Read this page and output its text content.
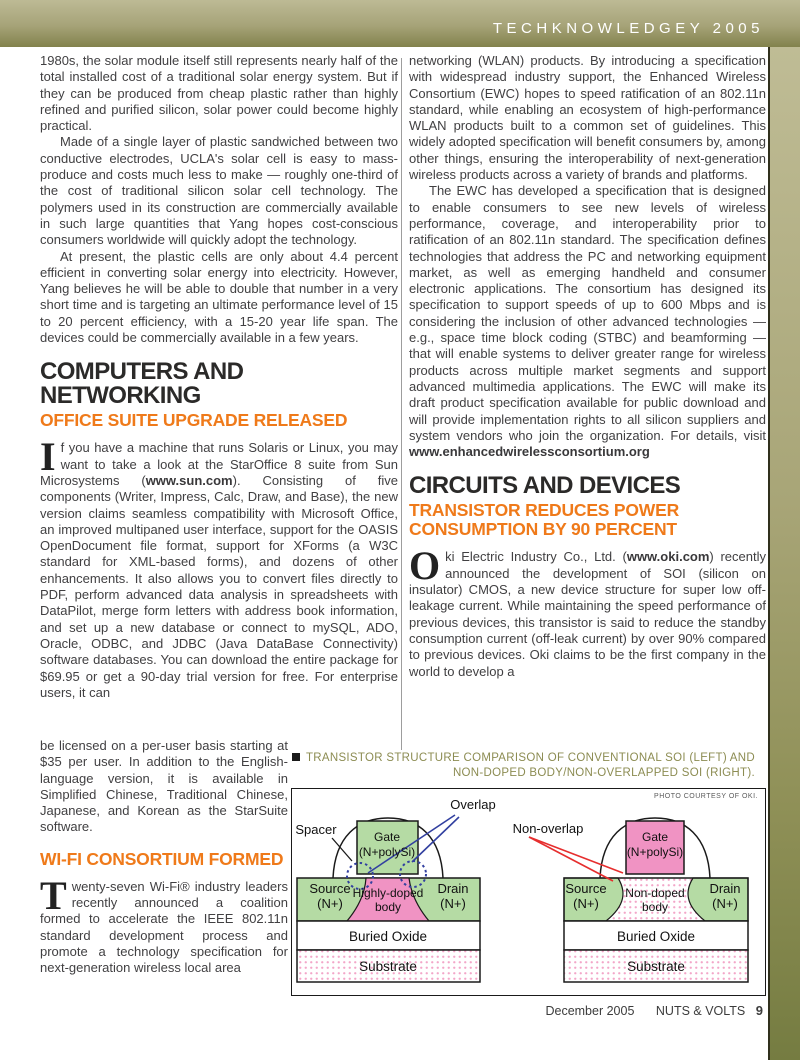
TECHKNOWLEDGEY 2005

1980s, the solar module itself still represents nearly half of the total installed cost of a traditional solar energy system. But if they can be produced from cheap plastic rather than highly refined and purified silicon, solar power could become highly practical.

Made of a single layer of plastic sandwiched between two conductive electrodes, UCLA's solar cell is easy to mass-produce and costs much less to make — roughly one-third of the cost of traditional silicon solar cell technology. The polymers used in its construction are commercially available in such large quantities that Yang hopes cost-conscious consumers worldwide will quickly adopt the technology.

At present, the plastic cells are only about 4.4 percent efficient in converting solar energy into electricity. However, Yang believes he will be able to double that number in a very short time and is targeting an ultimate performance level of 15 to 20 percent efficiency, with a 15-20 year life span. The devices could be commercially available in a few years.

COMPUTERS AND NETWORKING
OFFICE SUITE UPGRADE RELEASED

If you have a machine that runs Solaris or Linux, you may want to take a look at the StarOffice 8 suite from Sun Microsystems (www.sun.com). Consisting of five components (Writer, Impress, Calc, Draw, and Base), the new version claims seamless compatibility with Microsoft Office, an improved multipaned user interface, support for the OASIS OpenDocument file format, support for XForms (a W3C standard for XML-based forms), and dozens of other enhancements. It also allows you to convert files directly to PDF, perform advanced data analysis in spreadsheets with DataPilot, merge form letters with address book information, and set up a new database or connect to mySQL, ADO, Oracle, ODBC, and JDBC (Java DataBase Connectivity) software databases. You can download the entire package for $69.95 or get a 90-day trial version for free. For enterprise users, it can

be licensed on a per-user basis starting at $35 per user. In addition to the English-language version, it is available in Simplified Chinese, Traditional Chinese, Japanese, and Korean as the StarSuite software.

WI-FI CONSORTIUM FORMED

Twenty-seven Wi-Fi® industry leaders recently announced a coalition formed to accelerate the IEEE 802.11n standard development process and promote a technology specification for next-generation wireless local area

networking (WLAN) products. By introducing a specification with widespread industry support, the Enhanced Wireless Consortium (EWC) hopes to speed ratification of an 802.11n standard, while enabling an ecosystem of high-performance WLAN products built to a common set of guidelines. This widely adopted specification will benefit consumers by, among other things, ensuring the interoperability of next-generation wireless products across a variety of brands and platforms.

The EWC has developed a specification that is designed to enable consumers to see new levels of wireless performance, coverage, and interoperability prior to ratification of an 802.11n standard. The specification defines technologies that address the PC and networking equipment market, as well as emerging handheld and consumer electronic applications. The consortium has designed its specification to support speeds of up to 600 Mbps and is considering the inclusion of other advanced technologies — e.g., space time block coding (STBC) and beamforming — that will enable systems to deliver greater range for wireless products across multiple market segments and support advanced multimedia applications. The EWC will make its draft product specification available for public download and will provide implementation rights to all silicon suppliers and system vendors who join the organization. For details, visit www.enhancedwirelessconsortium.org

CIRCUITS AND DEVICES
TRANSISTOR REDUCES POWER CONSUMPTION BY 90 PERCENT

Oki Electric Industry Co., Ltd. (www.oki.com) recently announced the development of SOI (silicon on insulator) CMOS, a new device structure for super low off-leakage current. While maintaining the speed performance of previous devices, this transistor is said to reduce the standby consumption current (off-leak current) by over 90% compared to previous devices. Oki claims to be the first company in the world to develop a

TRANSISTOR STRUCTURE COMPARISON OF CONVENTIONAL SOI (LEFT) AND NON-DOPED BODY/NON-OVERLAPPED SOI (RIGHT).
PHOTO COURTESY OF OKI.
Spacer
Overlap
Gate
(N+polySi)
Source
(N+)
Highly-doped
body
Drain
(N+)
Buried Oxide
Substrate
Non-overlap
Gate
(N+polySi)
Source
(N+)
Non-doped
body
Drain
(N+)
Buried Oxide
Substrate
December 2005 NUTS & VOLTS 9
